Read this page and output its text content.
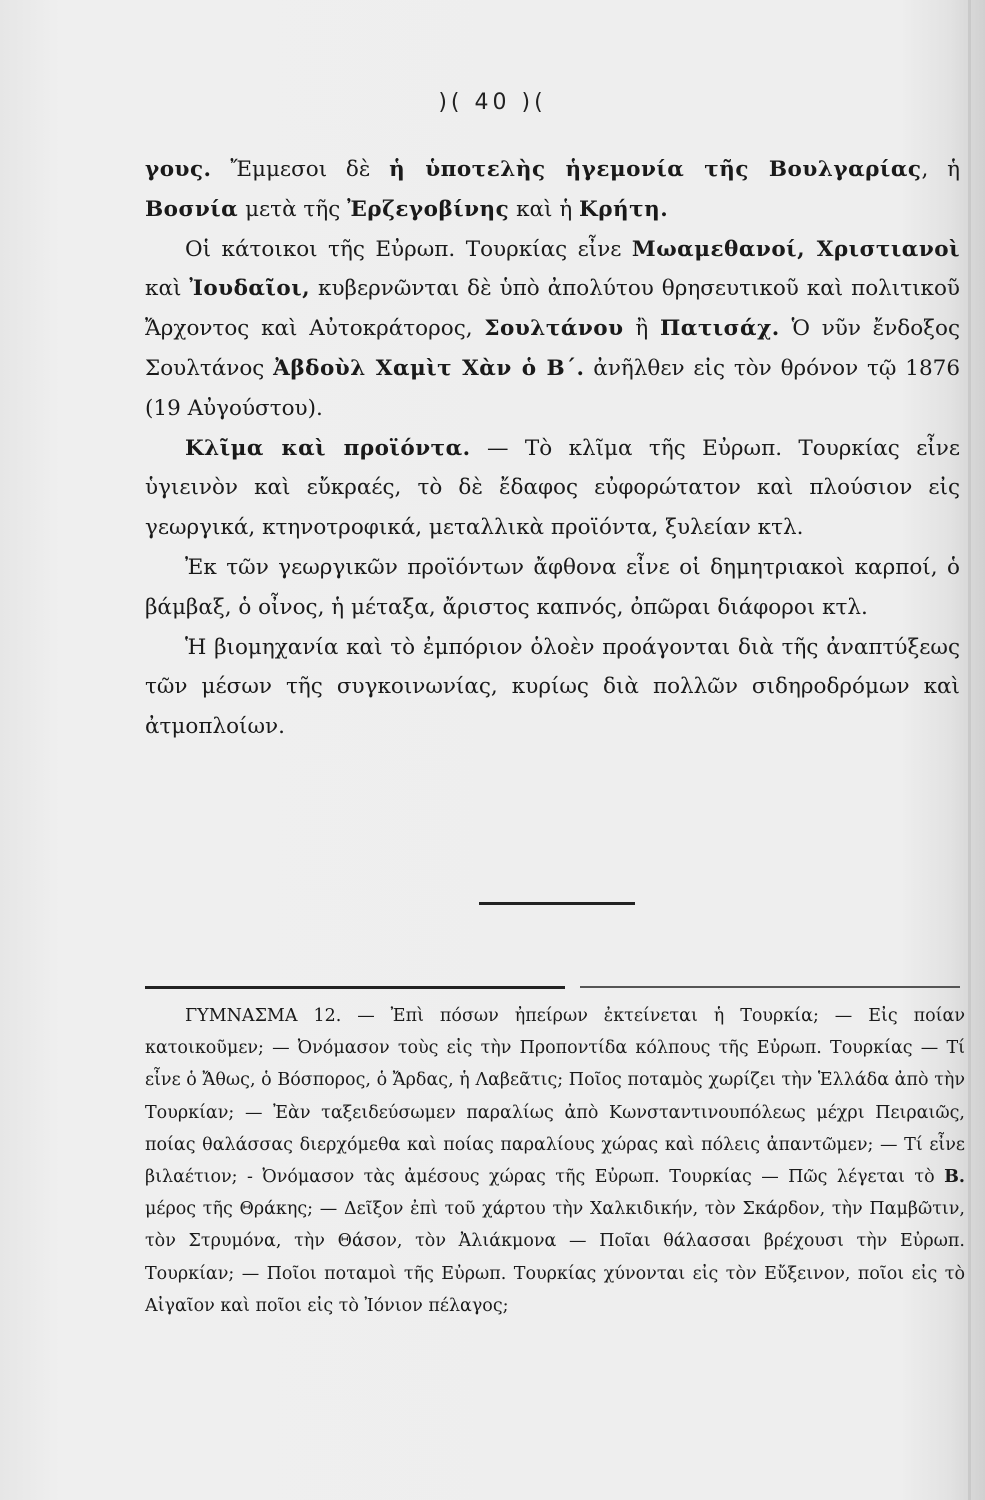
)( 40 )(

γους. Ἔμμεσοι δὲ ἡ ὑποτελὴς ἡγεμονία τῆς Βουλγαρίας, ἡ Βοσνία μετὰ τῆς Ἐρζεγοβίνης καὶ ἡ Κρήτη.

Οἱ κάτοικοι τῆς Εὐρωπ. Τουρκίας εἶνε Μωαμεθανοί, Χριστιανοὶ καὶ Ἰουδαῖοι, κυβερνῶνται δὲ ὑπὸ ἀπολύτου θρησευτικοῦ καὶ πολιτικοῦ Ἄρχοντος καὶ Αὐτοκράτορος, Σουλτάνου ἢ Πατισάχ. Ὁ νῦν ἔνδοξος Σουλτάνος Ἀβδοὺλ Χαμὶτ Χὰν ὁ Β΄. ἀνῆλθεν εἰς τὸν θρόνον τῷ 1876 (19 Αὐγούστου).

Κλῖμα καὶ προϊόντα. — Τὸ κλῖμα τῆς Εὐρωπ. Τουρκίας εἶνε ὑγιεινὸν καὶ εὔκραές, τὸ δὲ ἔδαφος εὐφορώτατον καὶ πλούσιον εἰς γεωργικά, κτηνοτροφικά, μεταλλικὰ προϊόντα, ξυλείαν κτλ.

Ἐκ τῶν γεωργικῶν προϊόντων ἄφθονα εἶνε οἱ δημητριακοὶ καρποί, ὁ βάμβαξ, ὁ οἶνος, ἡ μέταξα, ἄριστος καπνός, ὀπῶραι διάφοροι κτλ.

Ἡ βιομηχανία καὶ τὸ ἐμπόριον ὁλοὲν προάγονται διὰ τῆς ἀναπτύξεως τῶν μέσων τῆς συγκοινωνίας, κυρίως διὰ πολλῶν σιδηροδρόμων καὶ ἀτμοπλοίων.

ΓΥΜΝΑΣΜΑ 12. — Ἐπὶ πόσων ἠπείρων ἐκτείνεται ἡ Τουρκία; — Εἰς ποίαν κατοικοῦμεν; — Ὀνόμασον τοὺς εἰς τὴν Προποντίδα κόλπους τῆς Εὐρωπ. Τουρκίας — Τί εἶνε ὁ Ἄθως, ὁ Βόσπορος, ὁ Ἄρδας, ἡ Λαβεᾶτις; Ποῖος ποταμὸς χωρίζει τὴν Ἑλλάδα ἀπὸ τὴν Τουρκίαν; — Ἐὰν ταξειδεύσωμεν παραλίως ἀπὸ Κωνσταντινουπόλεως μέχρι Πειραιῶς, ποίας θαλάσσας διερχόμεθα καὶ ποίας παραλίους χώρας καὶ πόλεις ἀπαντῶμεν; — Τί εἶνε βιλαέτιον; - Ὀνόμασον τὰς ἀμέσους χώρας τῆς Εὐρωπ. Τουρκίας — Πῶς λέγεται τὸ Β. μέρος τῆς Θράκης; — Δεῖξον ἐπὶ τοῦ χάρτου τὴν Χαλκιδικήν, τὸν Σκάρδον, τὴν Παμβῶτιν, τὸν Στρυμόνα, τὴν Θάσον, τὸν Ἀλιάκμονα — Ποῖαι θάλασσαι βρέχουσι τὴν Εὐρωπ. Τουρκίαν; — Ποῖοι ποταμοὶ τῆς Εὐρωπ. Τουρκίας χύνονται εἰς τὸν Εὔξεινον, ποῖοι εἰς τὸ Αἰγαῖον καὶ ποῖοι εἰς τὸ Ἰόνιον πέλαγος;
